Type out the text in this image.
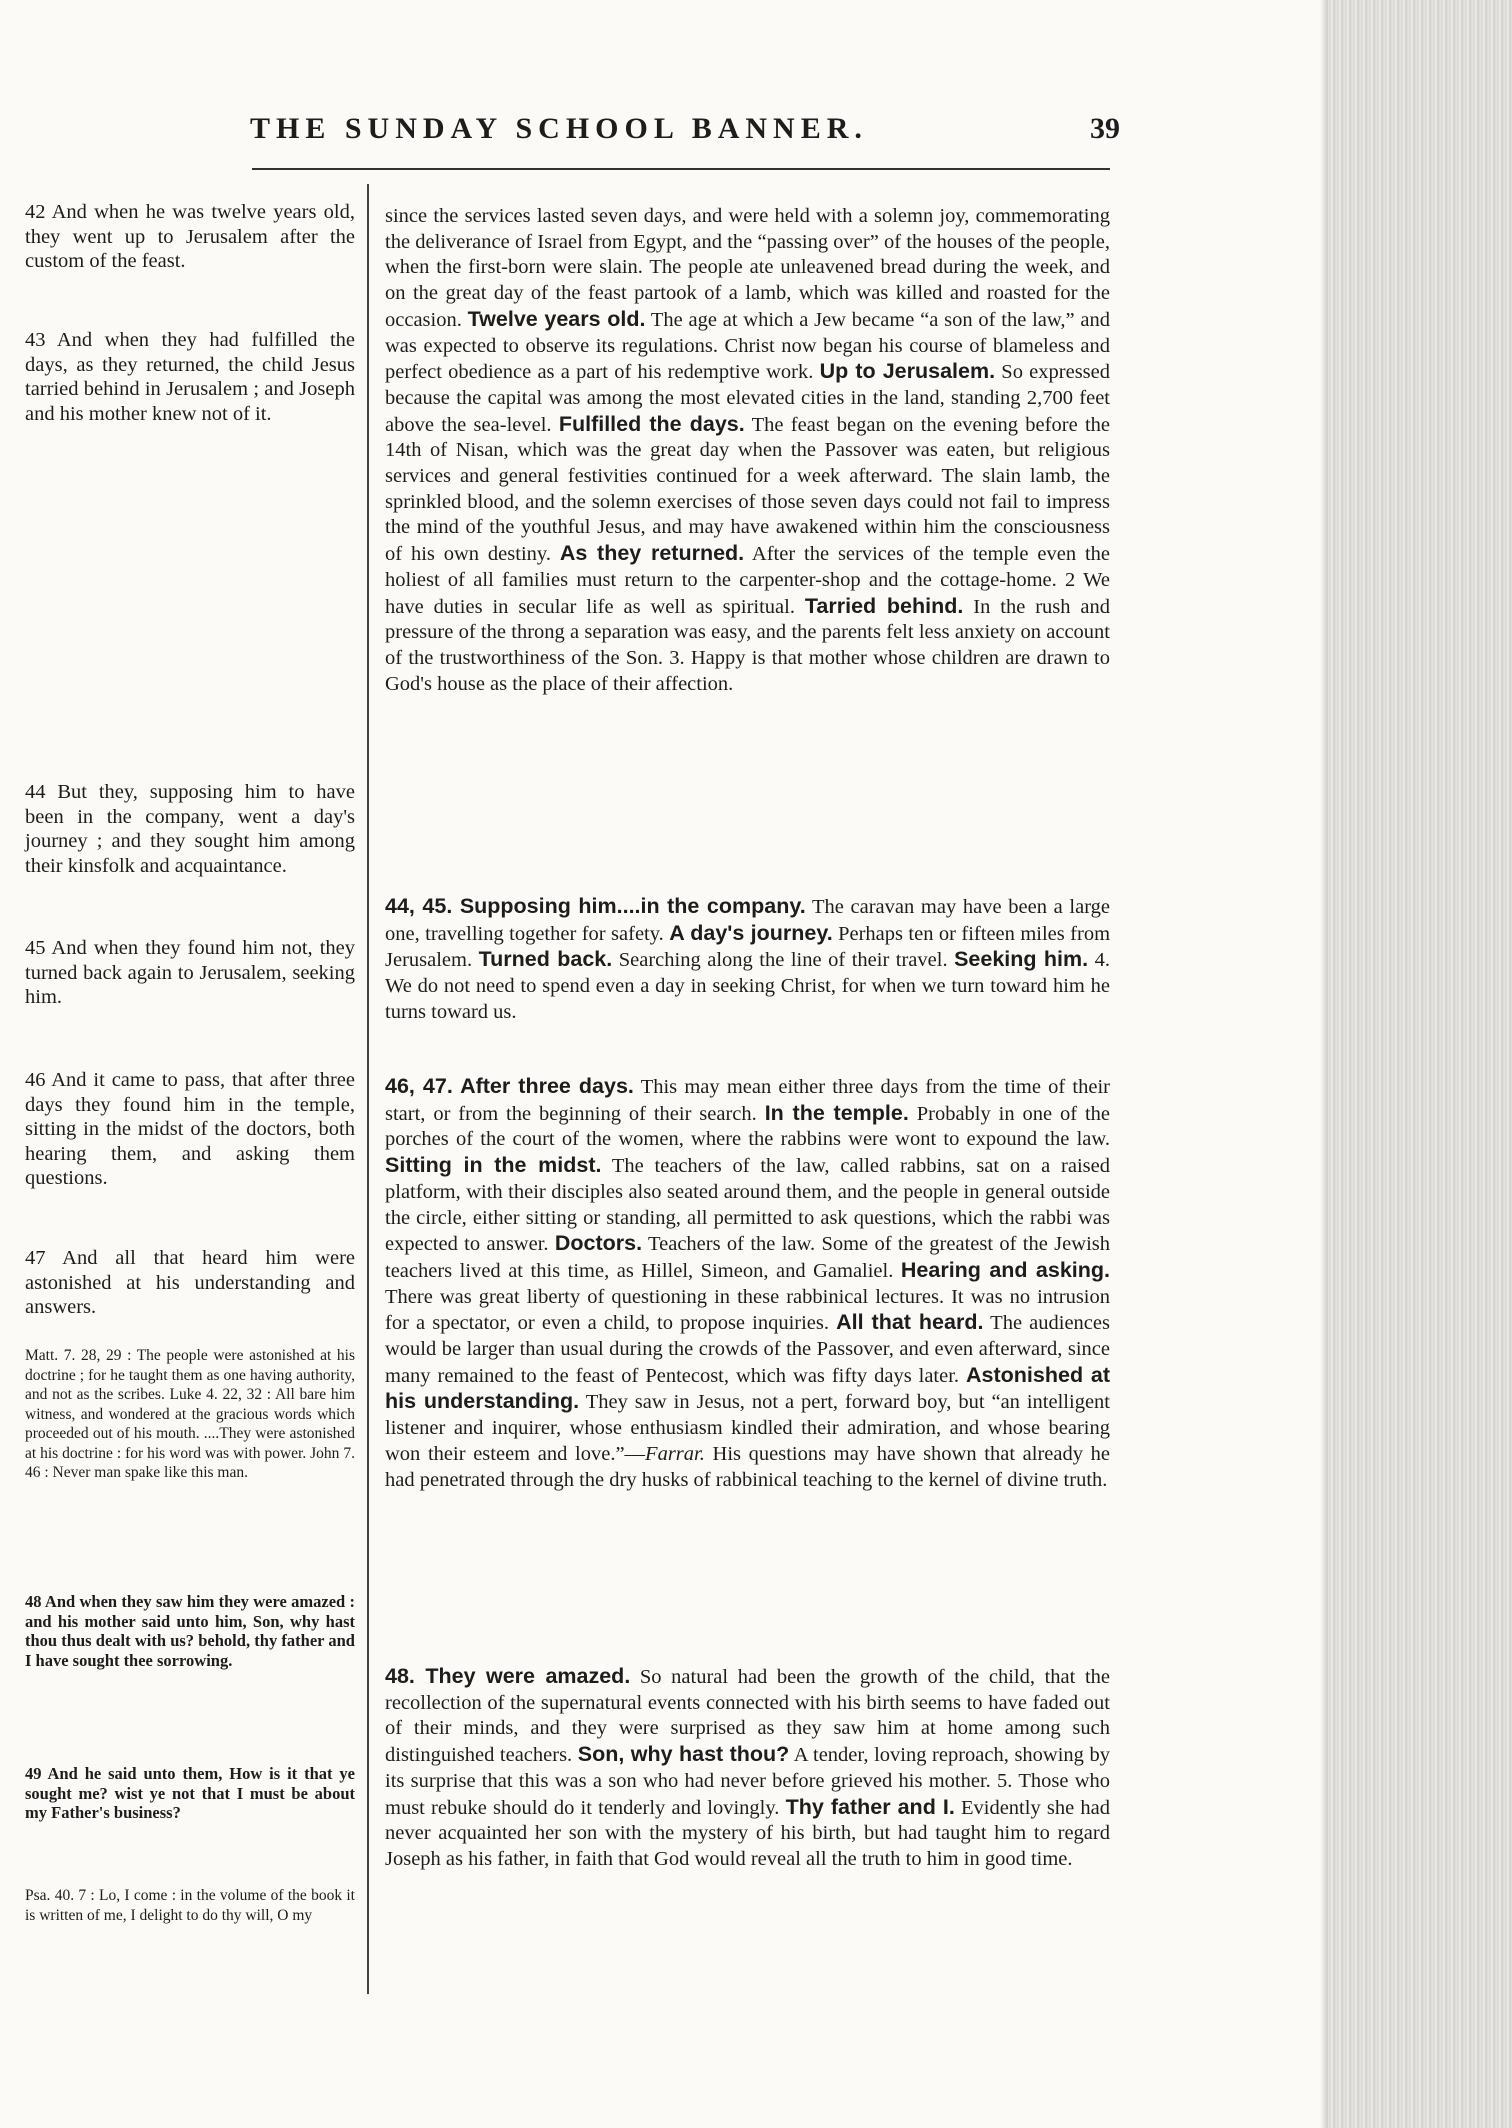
THE SUNDAY SCHOOL BANNER.	39

42 And when he was twelve years old, they went up to Jerusalem after the custom of the feast.

43 And when they had fulfilled the days, as they returned, the child Jesus tarried behind in Jerusalem ; and Joseph and his mother knew not of it.

44 But they, supposing him to have been in the company, went a day's journey ; and they sought him among their kinsfolk and acquaintance.

45 And when they found him not, they turned back again to Jerusalem, seeking him.

46 And it came to pass, that after three days they found him in the temple, sitting in the midst of the doctors, both hearing them, and asking them questions.

47 And all that heard him were astonished at his understanding and answers.

Matt. 7. 28, 29 : The people were astonished at his doctrine ; for he taught them as one having authority, and not as the scribes. Luke 4. 22, 32 : All bare him witness, and wondered at the gracious words which proceeded out of his mouth. ....They were astonished at his doctrine : for his word was with power. John 7. 46 : Never man spake like this man.

48 And when they saw him they were amazed : and his mother said unto him, Son, why hast thou thus dealt with us? behold, thy father and I have sought thee sorrowing.

49 And he said unto them, How is it that ye sought me? wist ye not that I must be about my Father's business?

Psa. 40. 7 : Lo, I come : in the volume of the book it is written of me, I delight to do thy will, O my

since the services lasted seven days, and were held with a solemn joy, commemorating the deliverance of Israel from Egypt, and the “passing over” of the houses of the people, when the first-born were slain. The people ate unleavened bread during the week, and on the great day of the feast partook of a lamb, which was killed and roasted for the occasion. Twelve years old. The age at which a Jew became “a son of the law,” and was expected to observe its regulations. Christ now began his course of blameless and perfect obedience as a part of his redemptive work. Up to Jerusalem. So expressed because the capital was among the most elevated cities in the land, standing 2,700 feet above the sea-level. Fulfilled the days. The feast began on the evening before the 14th of Nisan, which was the great day when the Passover was eaten, but religious services and general festivities continued for a week afterward. The slain lamb, the sprinkled blood, and the solemn exercises of those seven days could not fail to impress the mind of the youthful Jesus, and may have awakened within him the consciousness of his own destiny. As they returned. After the services of the temple even the holiest of all families must return to the carpenter-shop and the cottage-home. 2 We have duties in secular life as well as spiritual. Tarried behind. In the rush and pressure of the throng a separation was easy, and the parents felt less anxiety on account of the trustworthiness of the Son. 3. Happy is that mother whose children are drawn to God's house as the place of their affection.

44, 45. Supposing him....in the company. The caravan may have been a large one, travelling together for safety. A day's journey. Perhaps ten or fifteen miles from Jerusalem. Turned back. Searching along the line of their travel. Seeking him. 4. We do not need to spend even a day in seeking Christ, for when we turn toward him he turns toward us.

46, 47. After three days. This may mean either three days from the time of their start, or from the beginning of their search. In the temple. Probably in one of the porches of the court of the women, where the rabbins were wont to expound the law. Sitting in the midst. The teachers of the law, called rabbins, sat on a raised platform, with their disciples also seated around them, and the people in general outside the circle, either sitting or standing, all permitted to ask questions, which the rabbi was expected to answer. Doctors. Teachers of the law. Some of the greatest of the Jewish teachers lived at this time, as Hillel, Simeon, and Gamaliel. Hearing and asking. There was great liberty of questioning in these rabbinical lectures. It was no intrusion for a spectator, or even a child, to propose inquiries. All that heard. The audiences would be larger than usual during the crowds of the Passover, and even afterward, since many remained to the feast of Pentecost, which was fifty days later. Astonished at his understanding. They saw in Jesus, not a pert, forward boy, but “an intelligent listener and inquirer, whose enthusiasm kindled their admiration, and whose bearing won their esteem and love.”—Farrar. His questions may have shown that already he had penetrated through the dry husks of rabbinical teaching to the kernel of divine truth.

48. They were amazed. So natural had been the growth of the child, that the recollection of the supernatural events connected with his birth seems to have faded out of their minds, and they were surprised as they saw him at home among such distinguished teachers. Son, why hast thou? A tender, loving reproach, showing by its surprise that this was a son who had never before grieved his mother. 5. Those who must rebuke should do it tenderly and lovingly. Thy father and I. Evidently she had never acquainted her son with the mystery of his birth, but had taught him to regard Joseph as his father, in faith that God would reveal all the truth to him in good time.
